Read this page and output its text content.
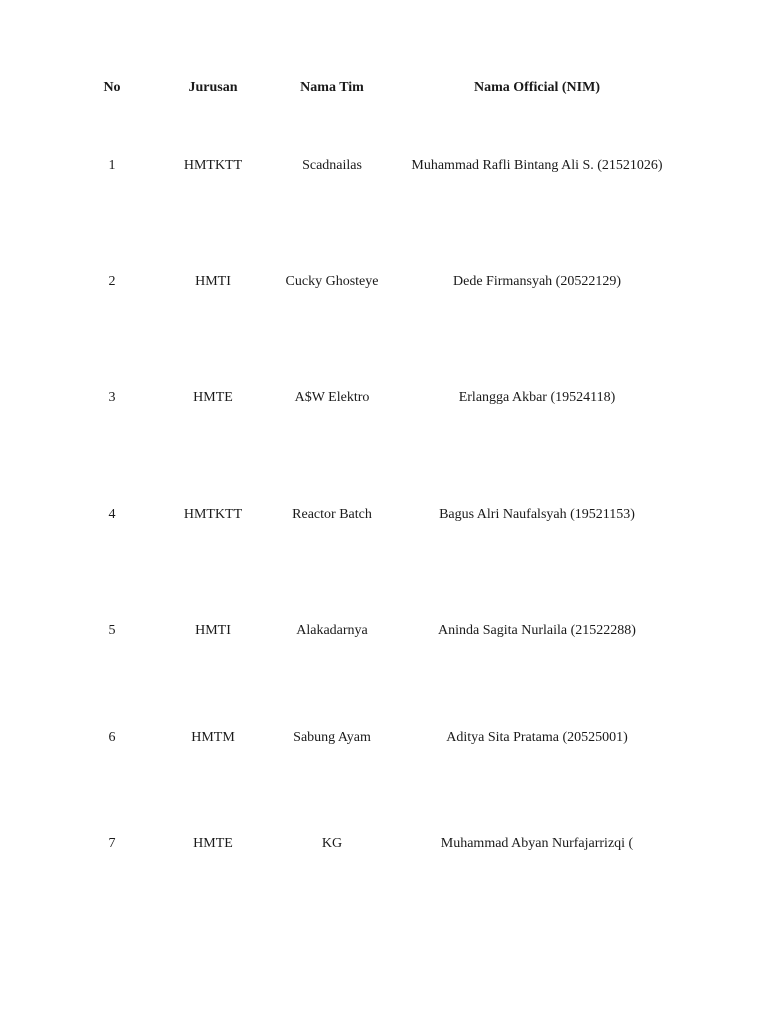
No	Jurusan	Nama Tim	Nama Official (NIM)
1	HMTKTT	Scadnailas	Muhammad Rafli Bintang Ali S. (21521026)
2	HMTI	Cucky Ghosteye	Dede Firmansyah (20522129)
3	HMTE	A$W Elektro	Erlangga Akbar (19524118)
4	HMTKTT	Reactor Batch	Bagus Alri Naufalsyah (19521153)
5	HMTI	Alakadarnya	Aninda Sagita Nurlaila (21522288)
6	HMTM	Sabung Ayam	Aditya Sita Pratama (20525001)
7	HMTE	KG	Muhammad Abyan Nurfajarrizqi (
